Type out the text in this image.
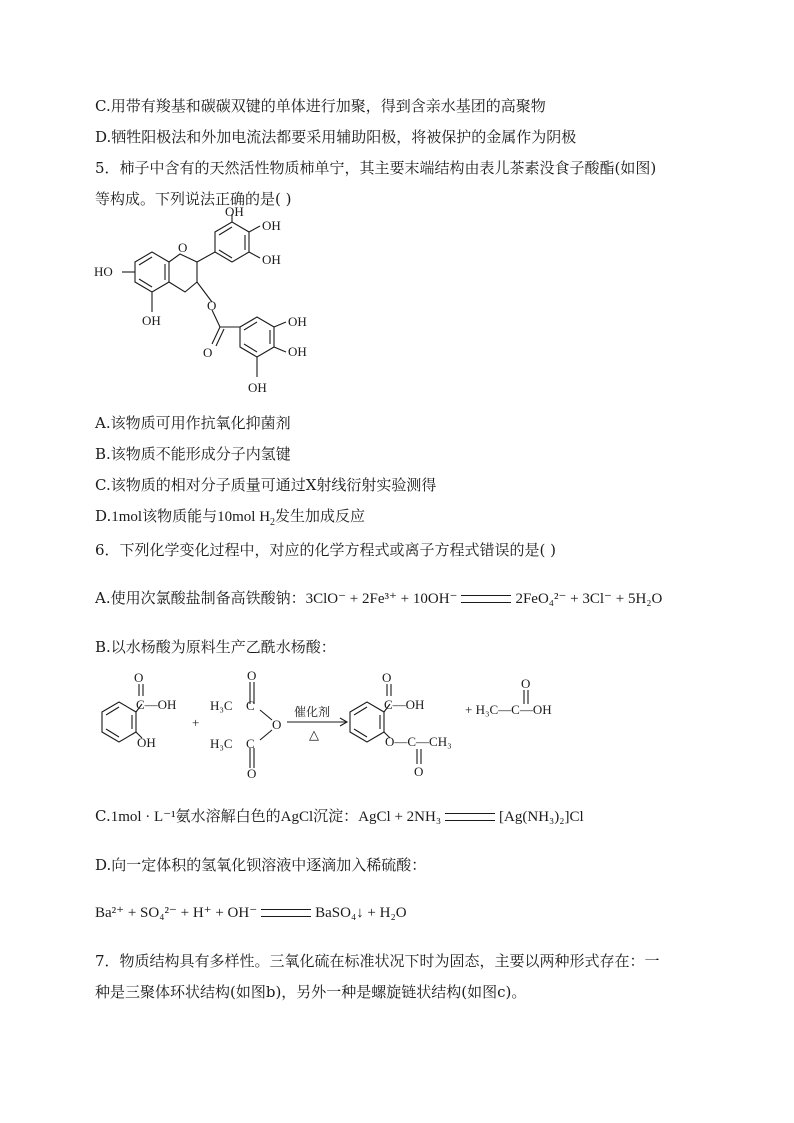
C.用带有羧基和碳碳双键的单体进行加聚，得到含亲水基团的高聚物
D.牺牲阳极法和外加电流法都要采用辅助阳极，将被保护的金属作为阴极
5．柿子中含有的天然活性物质柿单宁，其主要末端结构由表儿茶素没食子酸酯(如图)
等构成。下列说法正确的是( )
O
HO
OH
OH
OH
OH
O
O
OH
OH
OH
A.该物质可用作抗氧化抑菌剂
B.该物质不能形成分子内氢键
C.该物质的相对分子质量可通过X射线衍射实验测得
D.1mol该物质能与10mol $H_2$发生加成反应
6．下列化学变化过程中，对应的化学方程式或离子方程式错误的是( )
A.使用次氯酸盐制备高铁酸钠：3ClO⁻ + 2Fe³⁺ + 10OH⁻	2FeO₄²⁻ + 3Cl⁻ + 5H₂O
B.以水杨酸为原料生产乙酰水杨酸：
O
C—OH
OH
+
O
H₃C C
O
H₃C C
O
催化剂
△
O
C—OH
O—C—CH₃
O
O
+ H₃C—C—OH
C.1mol · L⁻¹氨水溶解白色的AgCl沉淀：AgCl + 2NH₃	[Ag(NH₃)₂]Cl
D.向一定体积的氢氧化钡溶液中逐滴加入稀硫酸：
Ba²⁺ + SO₄²⁻ + H⁺ + OH⁻	BaSO₄↓ + H₂O
7．物质结构具有多样性。三氧化硫在标准状况下时为固态，主要以两种形式存在：一
种是三聚体环状结构(如图b)，另外一种是螺旋链状结构(如图c)。
